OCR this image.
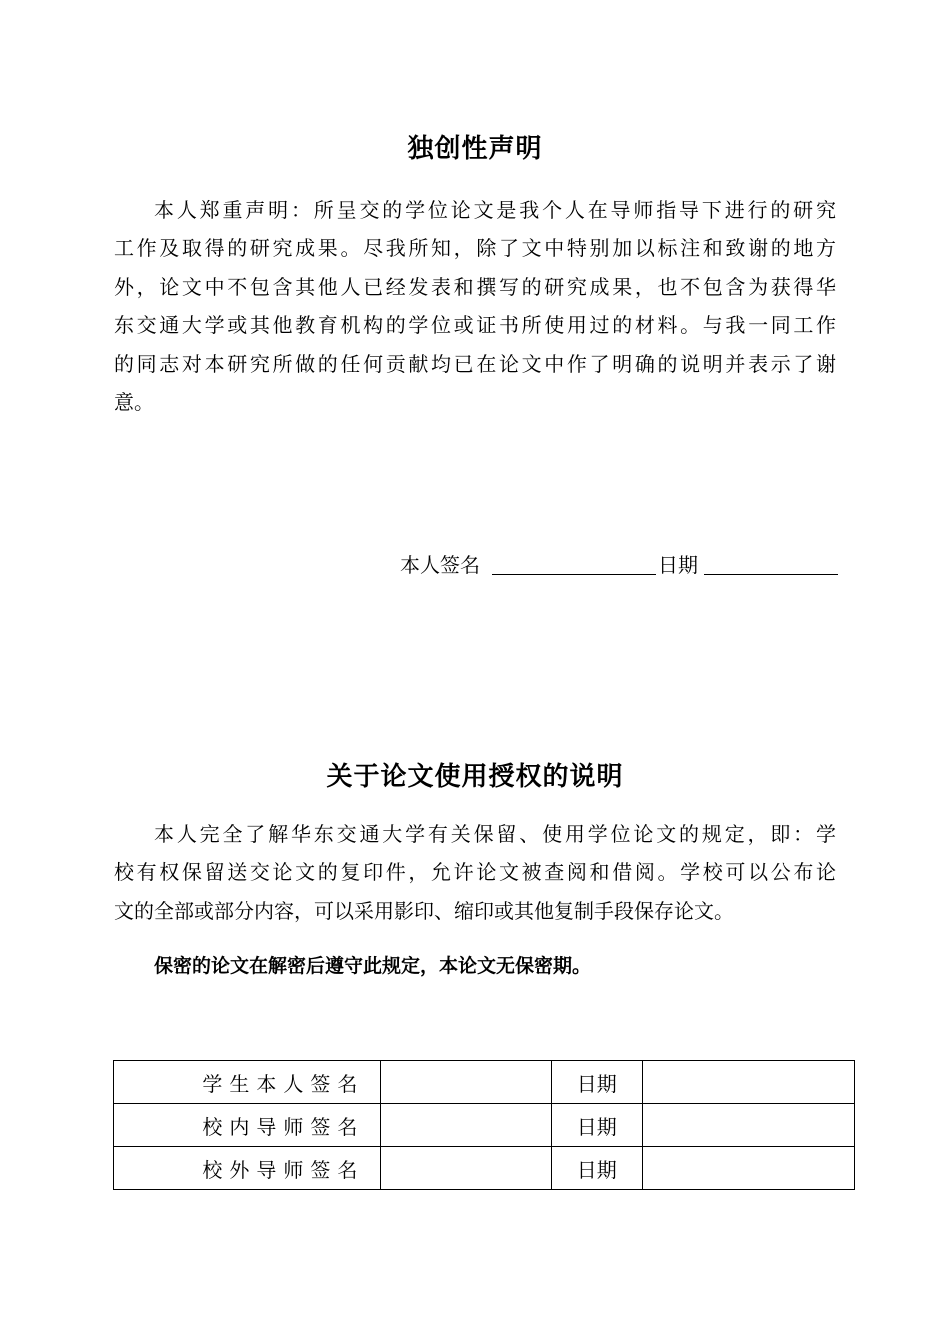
独创性声明
本人郑重声明：所呈交的学位论文是我个人在导师指导下进行的研究
工作及取得的研究成果。尽我所知，除了文中特别加以标注和致谢的地方
外，论文中不包含其他人已经发表和撰写的研究成果，也不包含为获得华
东交通大学或其他教育机构的学位或证书所使用过的材料。与我一同工作
的同志对本研究所做的任何贡献均已在论文中作了明确的说明并表示了谢
意。
本人签名	日期
关于论文使用授权的说明
本人完全了解华东交通大学有关保留、使用学位论文的规定，即：学
校有权保留送交论文的复印件，允许论文被查阅和借阅。学校可以公布论
文的全部或部分内容，可以采用影印、缩印或其他复制手段保存论文。

保密的论文在解密后遵守此规定，本论文无保密期。

学生本人签名		日期	
校内导师签名		日期	
校外导师签名		日期	
